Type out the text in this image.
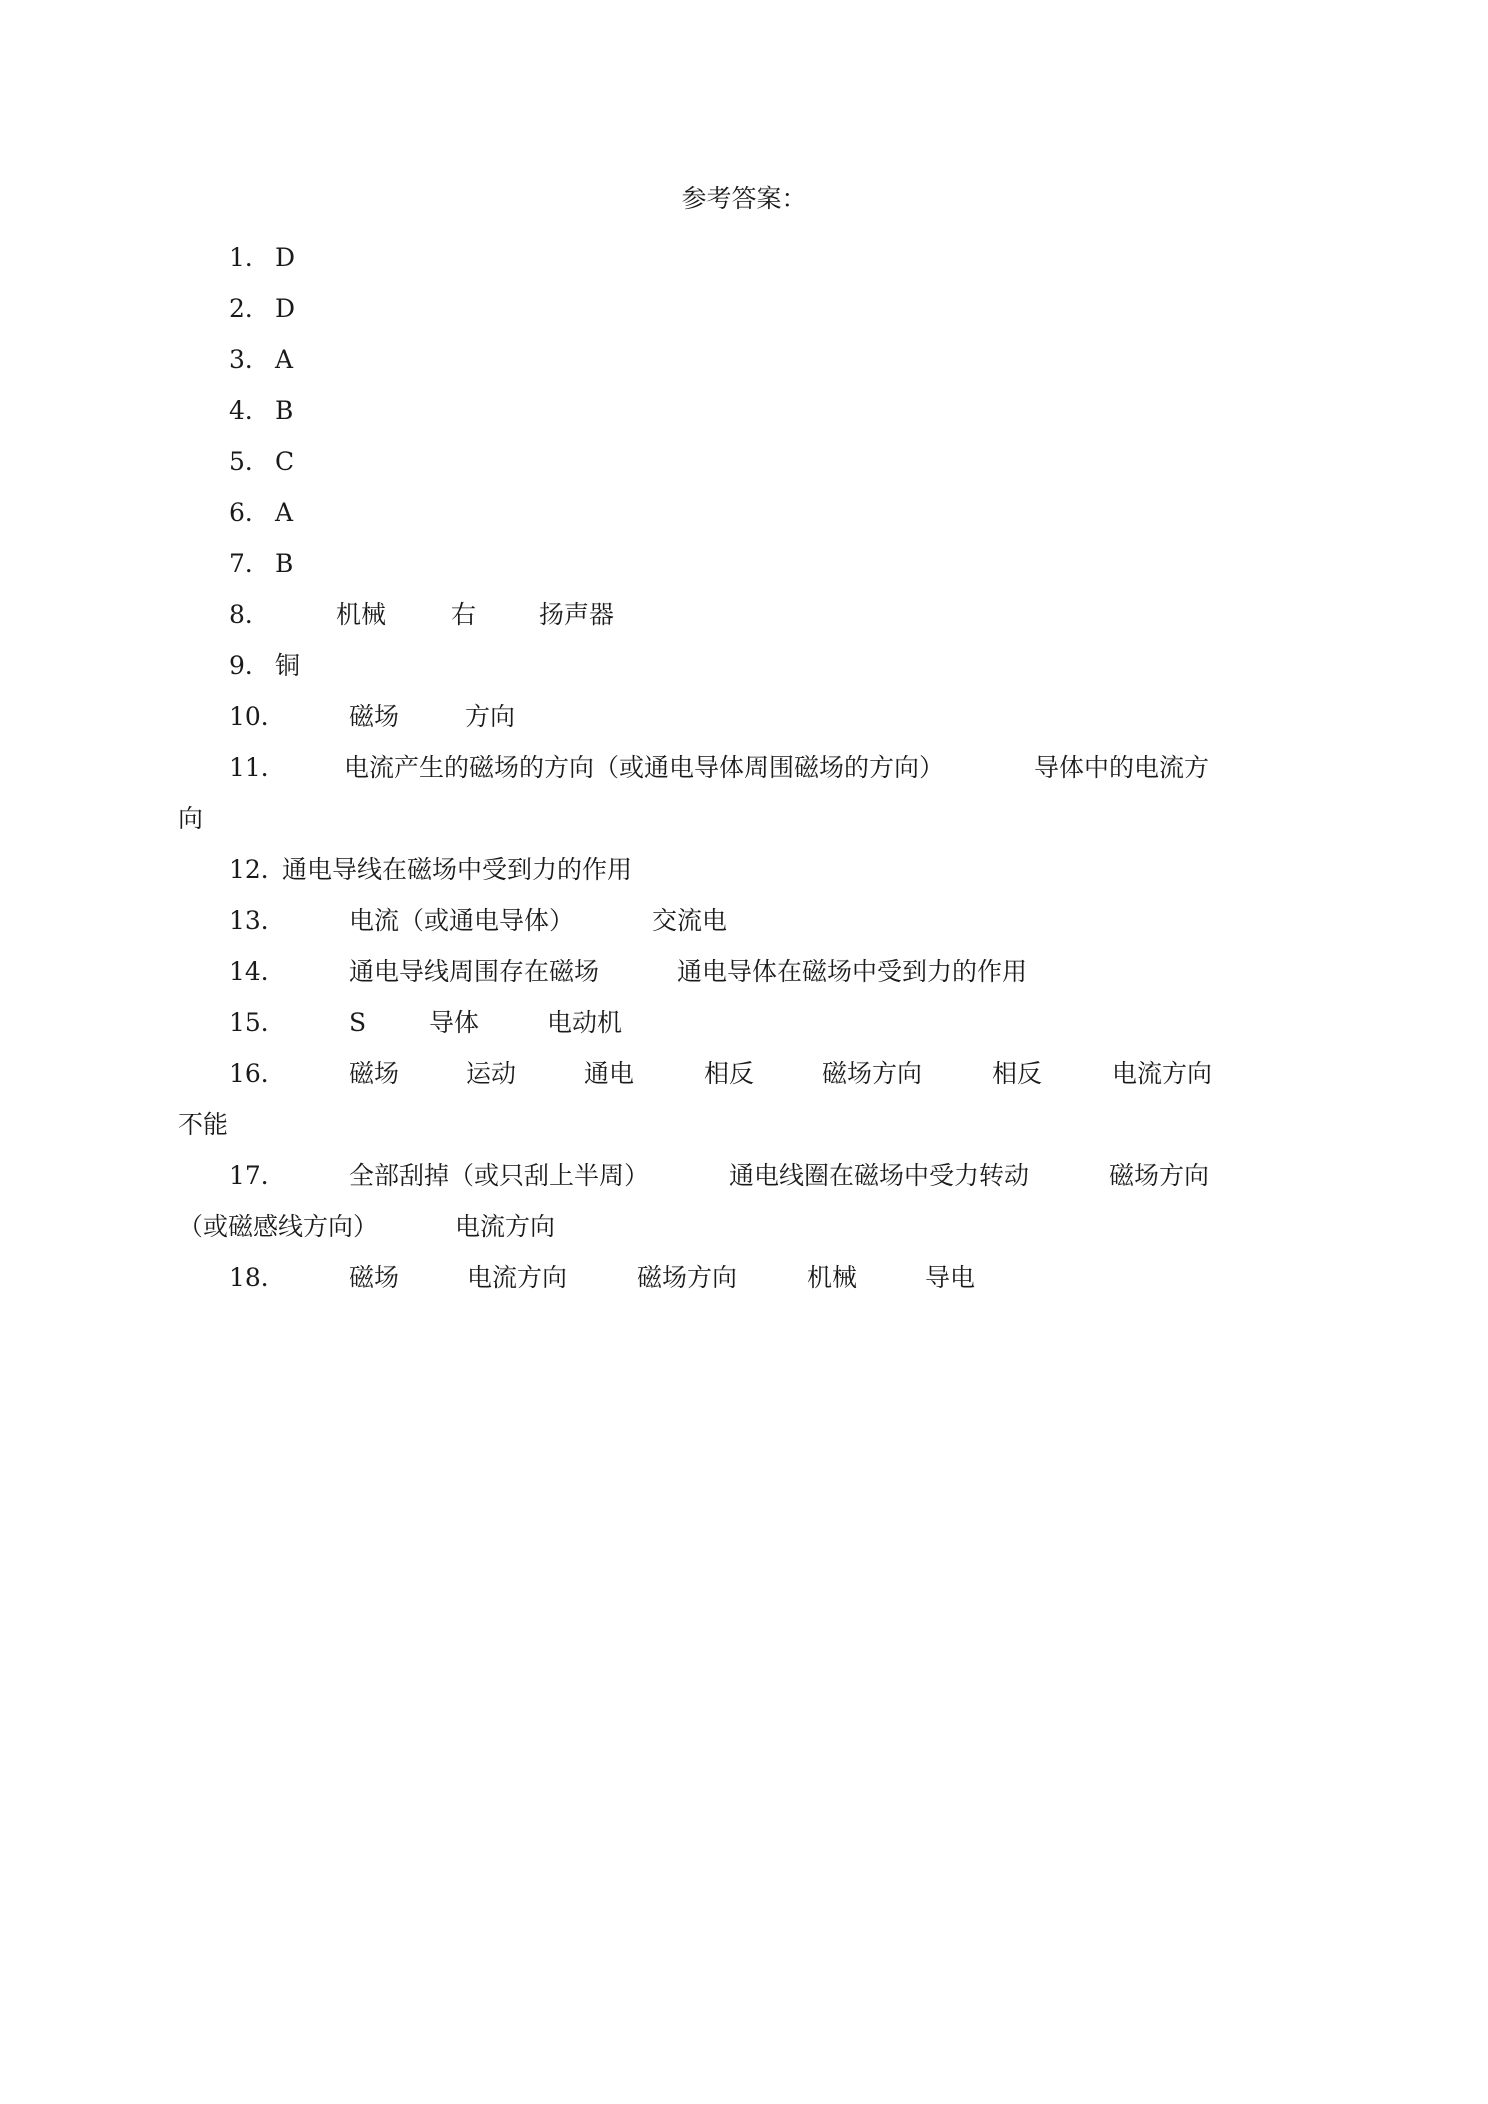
参考答案：
1． D
2． D
3． A
4． B
5． C
6． A
7． B
8．	机械	右	扬声器
9． 铜
10．	磁场	方向
11． 电流产生的磁场的方向（或通电导体周围磁场的方向）	导体中的电流方
向
12．通电导线在磁场中受到力的作用
13．	电流（或通电导体）	交流电
14．	通电导线周围存在磁场	通电导体在磁场中受到力的作用
15．	S	导体	电动机
16．	磁场	运动	通电	相反	磁场方向	相反	电流方向
不能
17．	全部刮掉（或只刮上半周）	通电线圈在磁场中受力转动	磁场方向
（或磁感线方向）	电流方向
18．	磁场	电流方向	磁场方向	机械	导电
